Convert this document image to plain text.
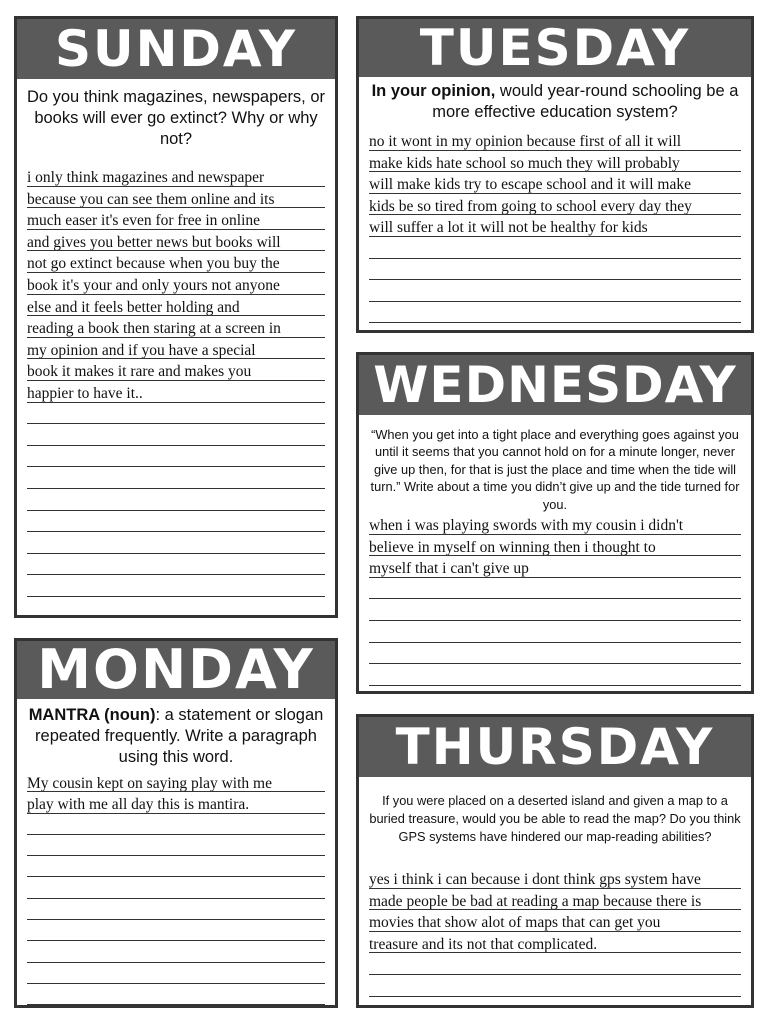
SUNDAY
Do you think magazines, newspapers, or books will ever go extinct? Why or why not?
i only think magazines and newspaper
because you can see them online and its
much easer it's even for free in online
and gives you better news but books will
not go extinct because when you buy the
book it's your and only yours not anyone
else and it feels better holding and
reading a book then staring at a screen in
my opinion and if you have a special
book it makes it rare and makes you
happier to have it..
TUESDAY
In your opinion, would year-round schooling be a more effective education system?
no it wont in my opinion because first of all it will
make kids hate school so much they will probably
will make kids try to escape school and it will make
kids be so tired from going to school every day they
will suffer a lot it will not be healthy for kids
WEDNESDAY
“When you get into a tight place and everything goes against you until it seems that you cannot hold on for a minute longer, never give up then, for that is just the place and time when the tide will turn.” Write about a time you didn’t give up and the tide turned for you.
when i was playing swords with my cousin i didn't
believe in myself on winning then i thought to
myself that i can't give up
MONDAY
MANTRA (noun): a statement or slogan repeated frequently. Write a paragraph using this word.
My cousin kept on saying play with me
play with me all day this is mantira.
THURSDAY
If you were placed on a deserted island and given a map to a buried treasure, would you be able to read the map? Do you think GPS systems have hindered our map-reading abilities?
yes i think i can because i dont think gps system have
made people be bad at reading a map because there is
movies that show alot of maps that can get you
treasure and its not that complicated.
